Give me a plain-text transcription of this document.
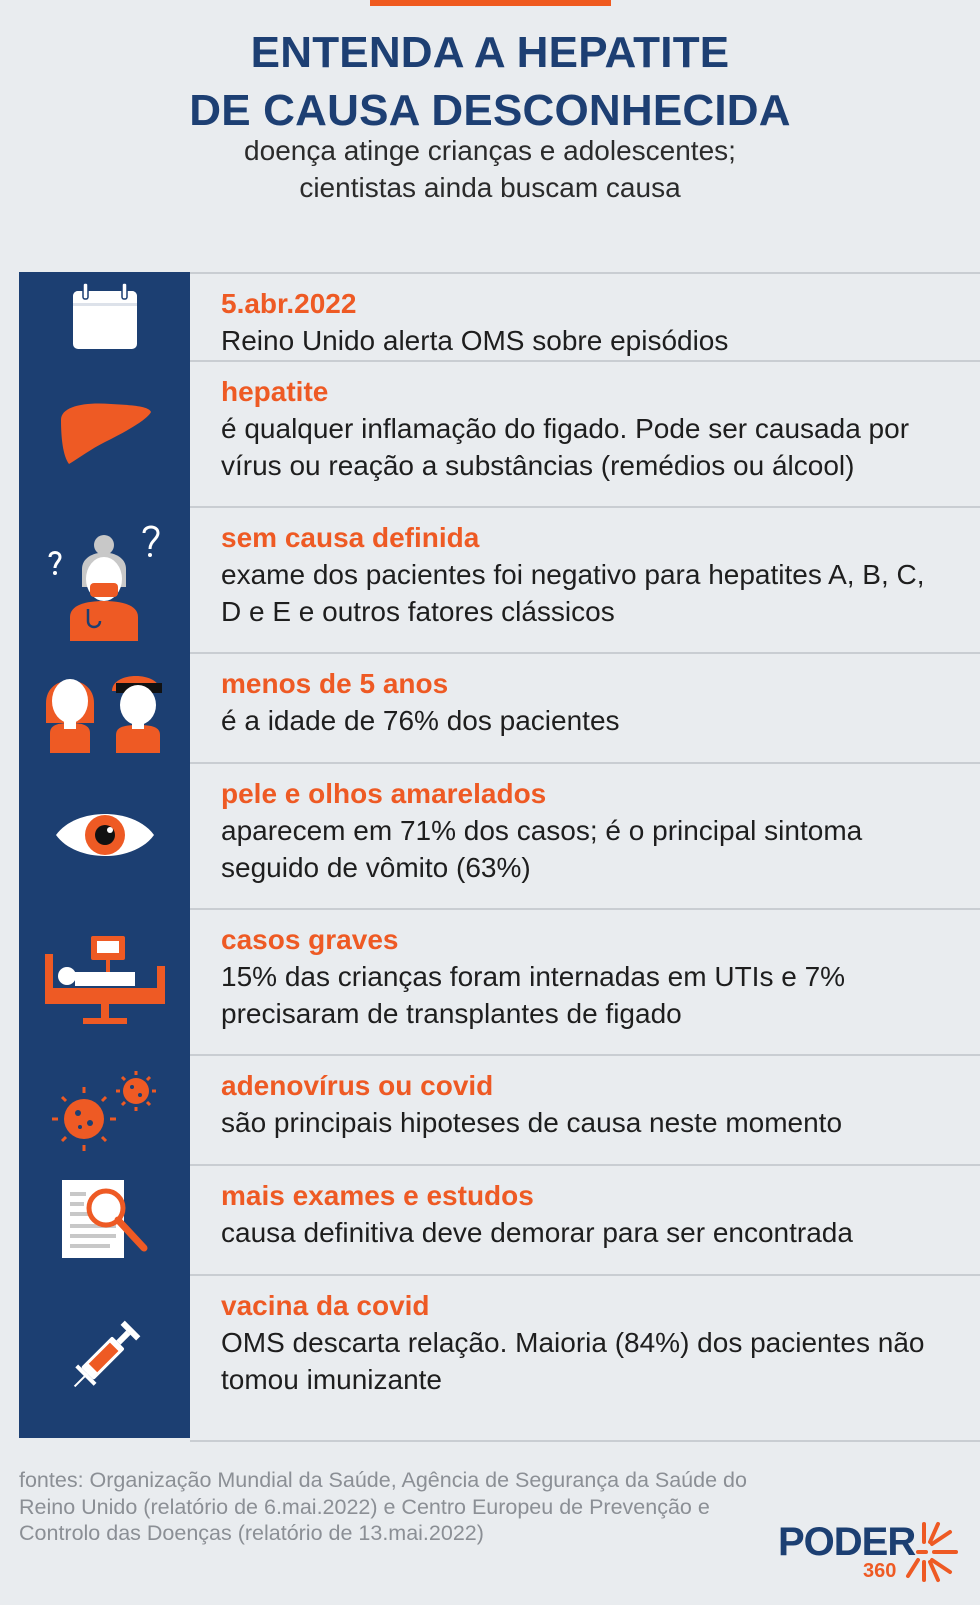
ENTENDA A HEPATITE
DE CAUSA DESCONHECIDA
doença atinge crianças e adolescentes;
cientistas ainda buscam causa
5.abr.2022
Reino Unido alerta OMS sobre episódios
hepatite
é qualquer inflamação do figado. Pode ser causada por
vírus ou reação a substâncias (remédios ou álcool)
sem causa definida
exame dos pacientes foi negativo para hepatites A, B, C,
D e E e outros fatores clássicos
menos de 5 anos
é a idade de 76% dos pacientes
pele e olhos amarelados
aparecem em 71% dos casos; é o principal sintoma
seguido de vômito (63%)
casos graves
15% das crianças foram internadas em UTIs e 7%
precisaram de transplantes de figado
adenovírus ou covid
são principais hipoteses de causa neste momento
mais exames e estudos
causa definitiva deve demorar para ser encontrada
vacina da covid
OMS descarta relação. Maioria (84%) dos pacientes não
tomou imunizante
fontes: Organização Mundial da Saúde, Agência de Segurança da Saúde do
Reino Unido (relatório de 6.mai.2022) e Centro Europeu de Prevenção e
Controlo das Doenças (relatório de 13.mai.2022)	PODER
360
